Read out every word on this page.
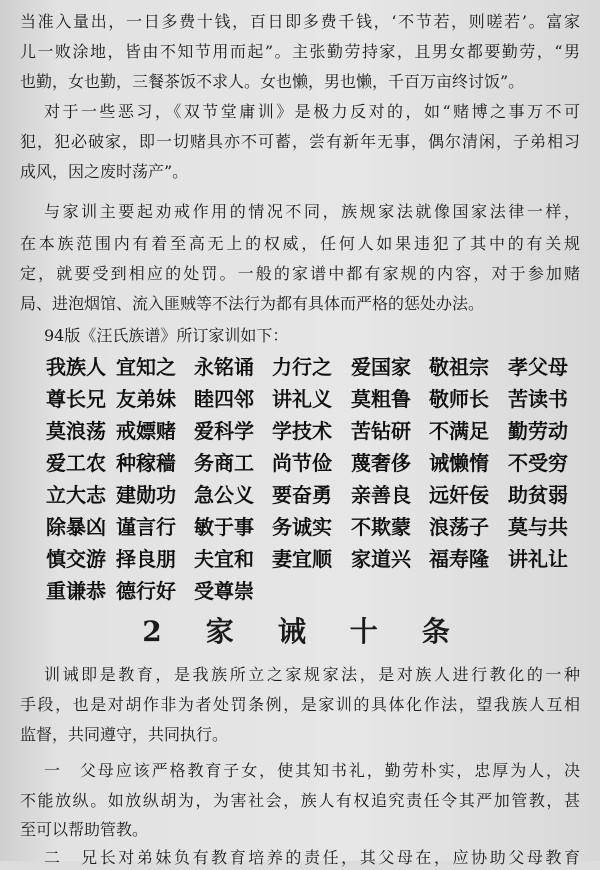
当准入量出，一日多费十钱，百日即多费千钱，‘不节若，则嗟若’。富家
儿一败涂地，皆由不知节用而起”。主张勤劳持家，且男女都要勤劳，“男
也勤，女也勤，三餐茶饭不求人。女也懒，男也懒，千百万亩终讨饭”。
对于一些恶习，《双节堂庸训》是极力反对的，如“赌博之事万不可
犯，犯必破家，即一切赌具亦不可蓄，尝有新年无事，偶尔清闲，子弟相习
成风，因之废时荡产”。
与家训主要起劝戒作用的情况不同，族规家法就像国家法律一样，
在本族范围内有着至高无上的权威，任何人如果违犯了其中的有关规
定，就要受到相应的处罚。一般的家谱中都有家规的内容，对于参加赌
局、进泡烟馆、流入匪贼等不法行为都有具体而严格的惩处办法。
训诫即是教育，是我族所立之家规家法，是对族人进行教化的一种
手段，也是对胡作非为者处罚条例，是家训的具体化作法，望我族人互相
监督，共同遵守，共同执行。
一　父母应该严格教育子女，使其知书礼，勤劳朴实，忠厚为人，决
不能放纵。如放纵胡为，为害社会，族人有权追究责任令其严加管教，甚
至可以帮助管教。
二　兄长对弟妹负有教育培养的责任，其父母在，应协助父母教育
94版《汪氏族谱》所订家训如下：
我族人 宜知之 永铭诵 力行之 爱国家 敬祖宗 孝父母
尊长兄 友弟妹 睦四邻 讲礼义 莫粗鲁 敬师长 苦读书
莫浪荡 戒嫖赌 爱科学 学技术 苦钻研 不满足 勤劳动
爱工农 种稼穑 务商工 尚节俭 蔑奢侈 诫懒惰 不受穷
立大志 建勋功 急公义 要奋勇 亲善良 远奸佞 助贫弱
除暴凶 谨言行 敏于事 务诚实 不欺蒙 浪荡子 莫与共
慎交游 择良朋 夫宜和 妻宜顺 家道兴 福寿隆 讲礼让
重谦恭 德行好 受尊崇
2　家　诫　十　条
